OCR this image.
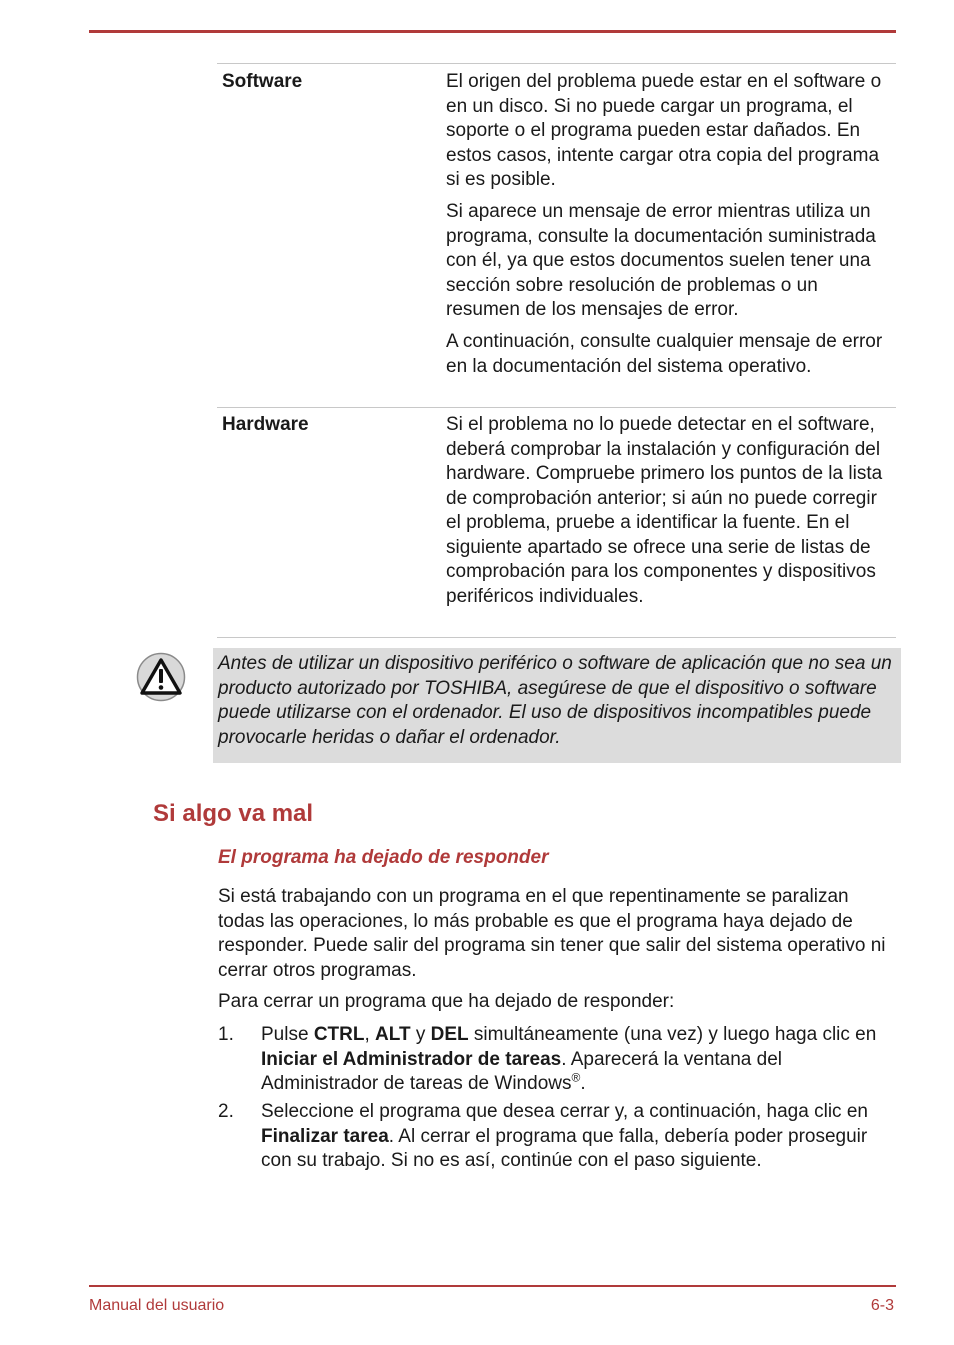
Software	El origen del problema puede estar en el software o en un disco. Si no puede cargar un programa, el soporte o el programa pueden estar dañados. En estos casos, intente cargar otra copia del programa si es posible.

Si aparece un mensaje de error mientras utiliza un programa, consulte la documentación suministrada con él, ya que estos documentos suelen tener una sección sobre resolución de problemas o un resumen de los mensajes de error.

A continuación, consulte cualquier mensaje de error en la documentación del sistema operativo.

Hardware	Si el problema no lo puede detectar en el software, deberá comprobar la instalación y configuración del hardware. Compruebe primero los puntos de la lista de comprobación anterior; si aún no puede corregir el problema, pruebe a identificar la fuente. En el siguiente apartado se ofrece una serie de listas de comprobación para los componentes y dispositivos periféricos individuales.

Antes de utilizar un dispositivo periférico o software de aplicación que no sea un producto autorizado por TOSHIBA, asegúrese de que el dispositivo o software puede utilizarse con el ordenador. El uso de dispositivos incompatibles puede provocarle heridas o dañar el ordenador.
Si algo va mal
El programa ha dejado de responder

Si está trabajando con un programa en el que repentinamente se paralizan todas las operaciones, lo más probable es que el programa haya dejado de responder. Puede salir del programa sin tener que salir del sistema operativo ni cerrar otros programas.

Para cerrar un programa que ha dejado de responder:

1. Pulse CTRL, ALT y DEL simultáneamente (una vez) y luego haga clic en Iniciar el Administrador de tareas. Aparecerá la ventana del Administrador de tareas de Windows®.
2. Seleccione el programa que desea cerrar y, a continuación, haga clic en Finalizar tarea. Al cerrar el programa que falla, debería poder proseguir con su trabajo. Si no es así, continúe con el paso siguiente.
Manual del usuario	6-3
